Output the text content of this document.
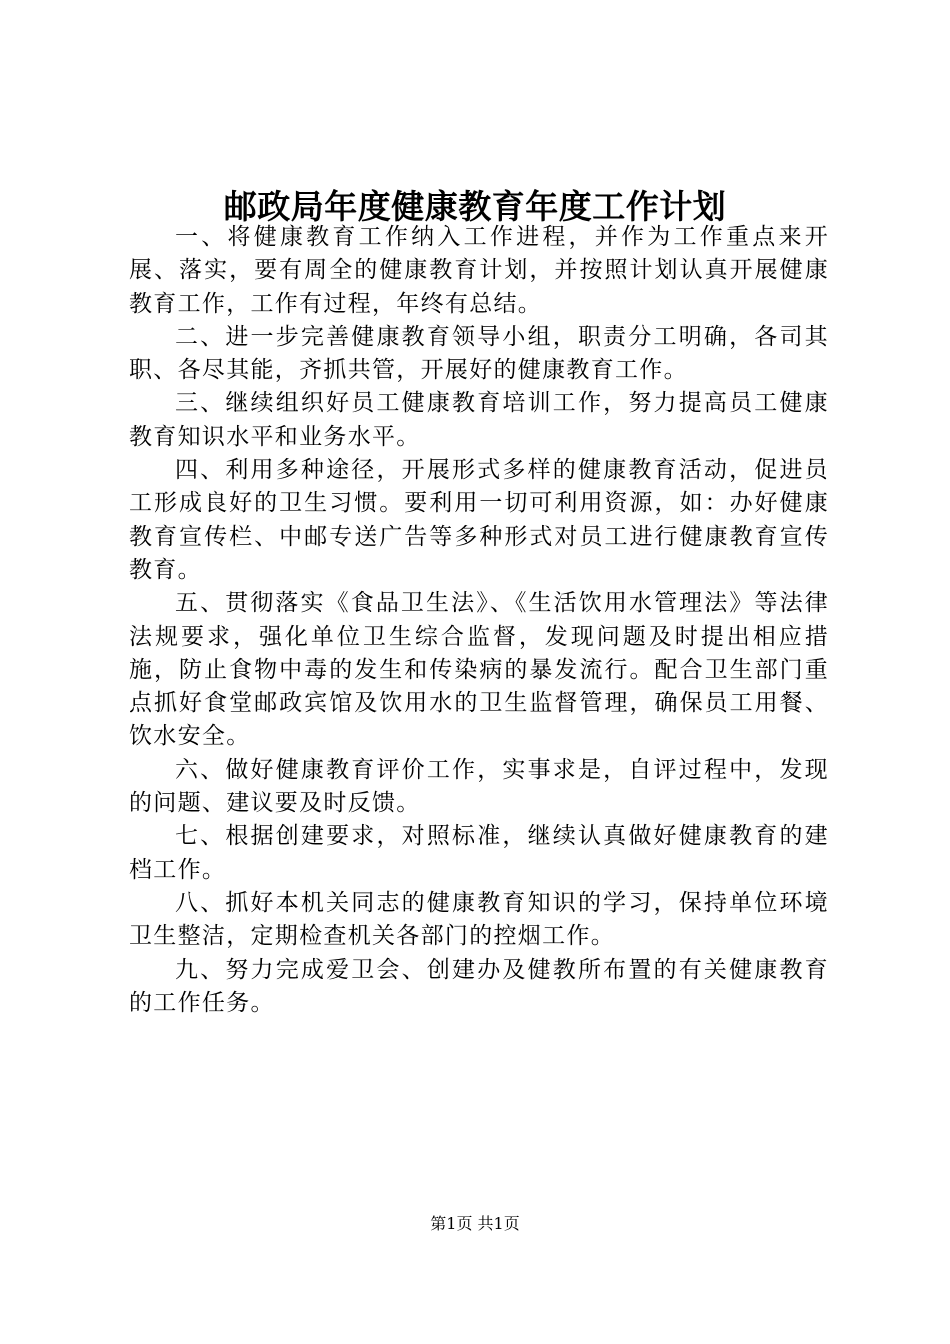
邮政局年度健康教育年度工作计划

一、将健康教育工作纳入工作进程，并作为工作重点来开展、落实，要有周全的健康教育计划，并按照计划认真开展健康教育工作，工作有过程，年终有总结。

二、进一步完善健康教育领导小组，职责分工明确，各司其职、各尽其能，齐抓共管，开展好的健康教育工作。

三、继续组织好员工健康教育培训工作，努力提高员工健康教育知识水平和业务水平。

四、利用多种途径，开展形式多样的健康教育活动，促进员工形成良好的卫生习惯。要利用一切可利用资源，如：办好健康教育宣传栏、中邮专送广告等多种形式对员工进行健康教育宣传教育。

五、贯彻落实《食品卫生法》、《生活饮用水管理法》等法律法规要求，强化单位卫生综合监督，发现问题及时提出相应措施，防止食物中毒的发生和传染病的暴发流行。配合卫生部门重点抓好食堂邮政宾馆及饮用水的卫生监督管理，确保员工用餐、饮水安全。

六、做好健康教育评价工作，实事求是，自评过程中，发现的问题、建议要及时反馈。

七、根据创建要求，对照标准，继续认真做好健康教育的建档工作。

八、抓好本机关同志的健康教育知识的学习，保持单位环境卫生整洁，定期检查机关各部门的控烟工作。

九、努力完成爱卫会、创建办及健教所布置的有关健康教育的工作任务。

第1页 共1页
